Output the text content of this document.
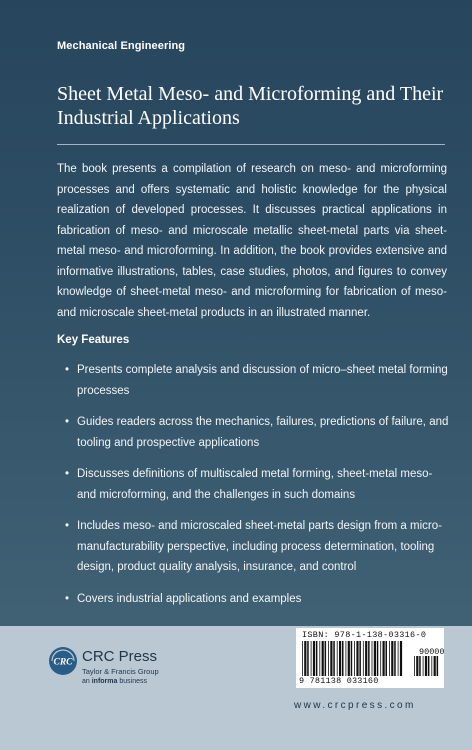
Mechanical Engineering
Sheet Metal Meso- and Microforming and Their Industrial Applications

The book presents a compilation of research on meso- and microforming processes and offers systematic and holistic knowledge for the physical realization of developed processes. It discusses practical applications in fabrication of meso- and microscale metallic sheet-metal parts via sheet-metal meso- and microforming. In addition, the book provides extensive and informative illustrations, tables, case studies, photos, and figures to convey knowledge of sheet-metal meso- and microforming for fabrication of meso- and microscale sheet-metal products in an illustrated manner.

Key Features
• Presents complete analysis and discussion of micro–sheet metal forming processes
• Guides readers across the mechanics, failures, predictions of failure, and tooling and prospective applications
• Discusses definitions of multiscaled metal forming, sheet-metal meso- and microforming, and the challenges in such domains
• Includes meso- and microscaled sheet-metal parts design from a micro-manufacturability perspective, including process determination, tooling design, product quality analysis, insurance, and control
• Covers industrial applications and examples
CRC CRC Press
Taylor & Francis Group
an informa business
ISBN: 978-1-138-03316-0
90000
9 781138 033160
www.crcpress.com
